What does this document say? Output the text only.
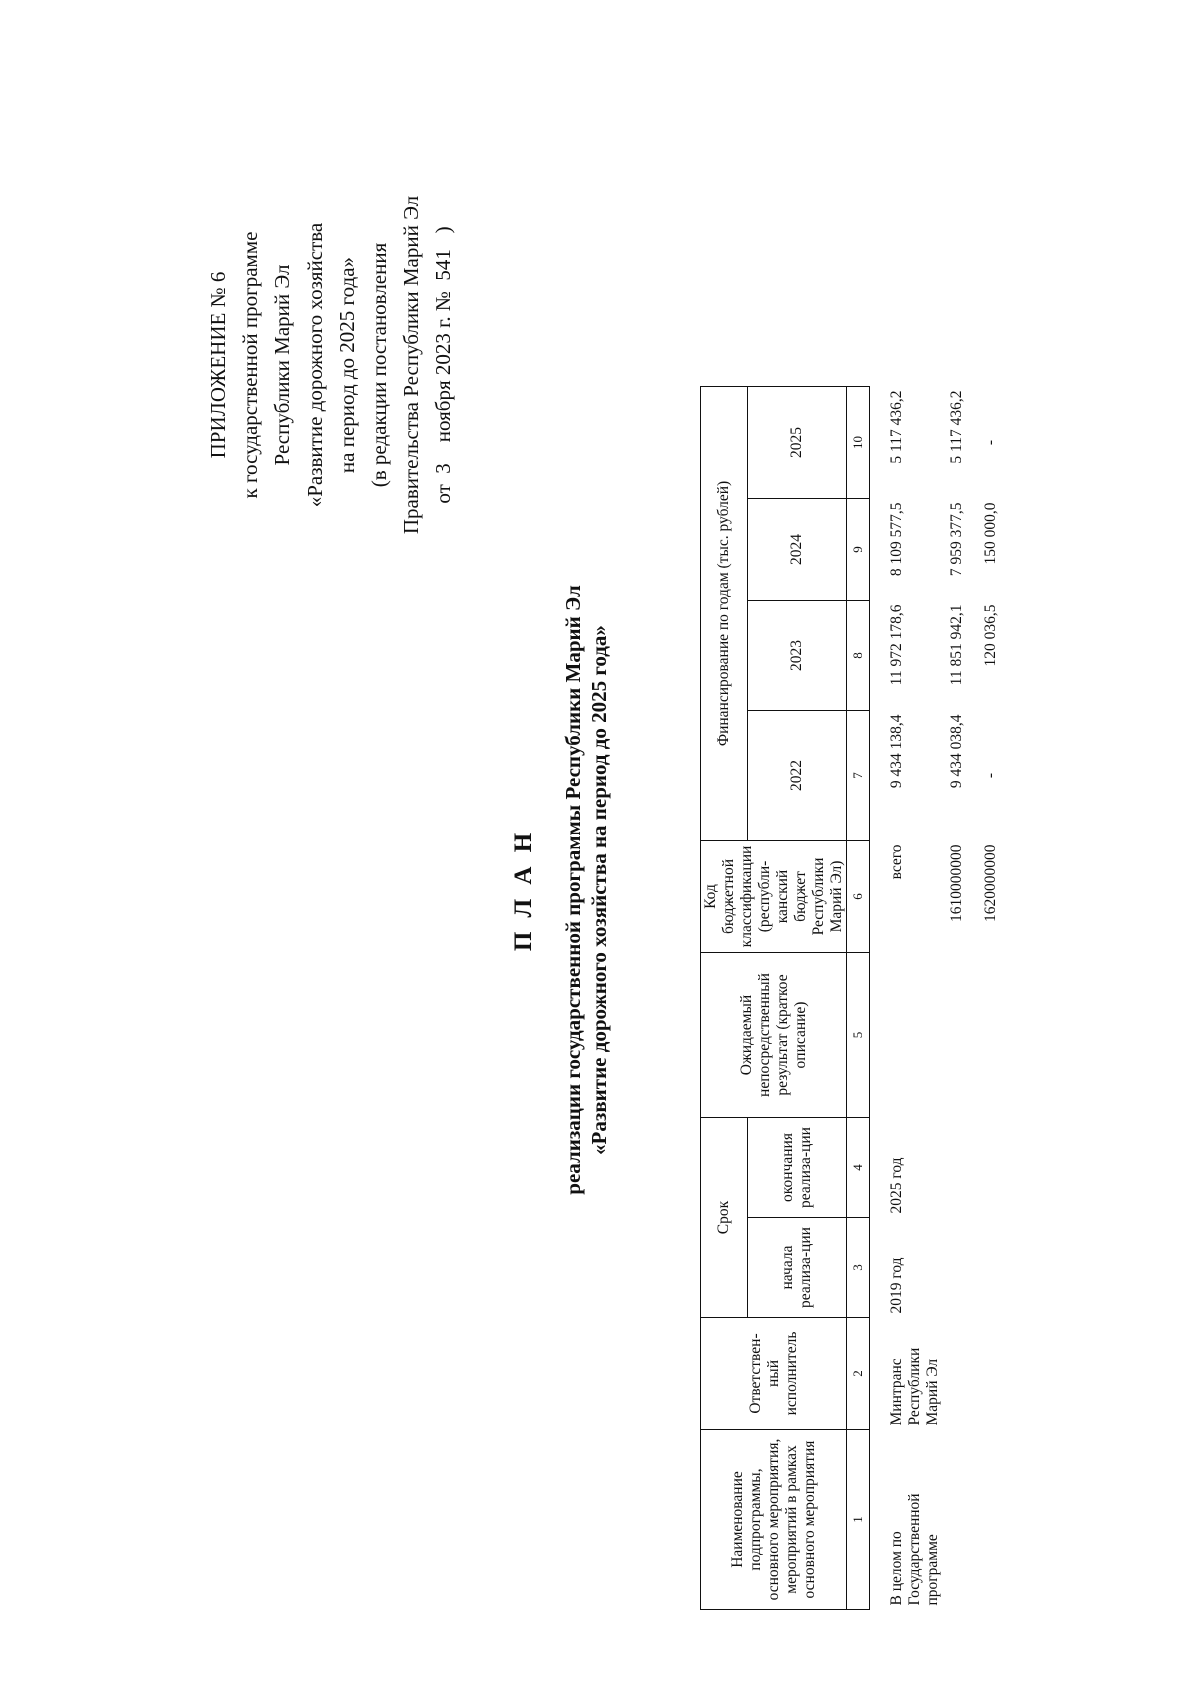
ПРИЛОЖЕНИЕ № 6 к государственной программе Республики Марий Эл «Развитие дорожного хозяйства на период до 2025 года» (в редакции постановления Правительства Республики Марий Эл от  3    ноября 2023 г. №  541   )
П Л А Н реализации государственной программы Республики Марий Эл «Развитие дорожного хозяйства на период до 2025 года»
Наименование подпрограммы, основного мероприятия, мероприятий в рамках основного мероприятия	Ответствен-ный исполнитель	Срок		Ожидаемый непосредственный результат (краткое описание)	Код бюджетной классификации (республи-канский бюджет Республики Марий Эл)	Финансирование по годам (тыс. рублей)			
		начала реализа-ции	окончания реализа-ции			2022	2023	2024	2025
1	2	3	4	5	6	7	8	9	10
В целом по Государственной программе	Минтранс Республики Марий Эл	2019 год	2025 год		всего	9 434 138,4	11 972 178,6	8 109 577,5	5 117 436,2
					1610000000	9 434 038,4	11 851 942,1	7 959 377,5	5 117 436,2
					1620000000	-	120 036,5	150 000,0	-
